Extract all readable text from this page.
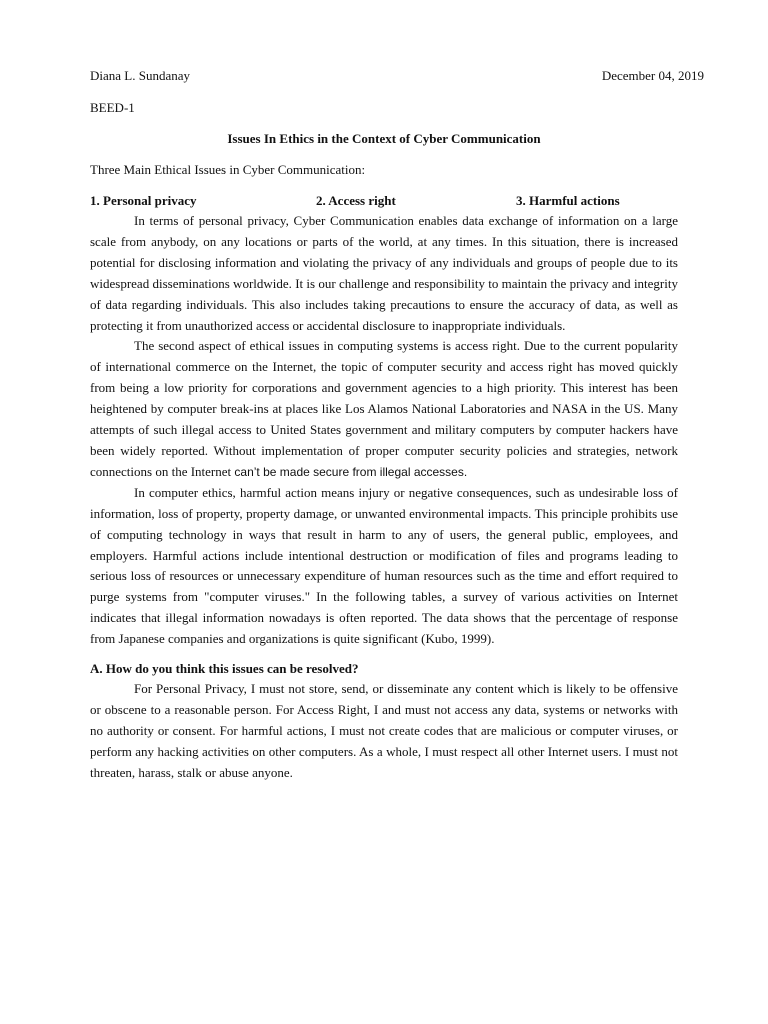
Diana L. Sundanay	December 04, 2019
BEED-1
Issues In Ethics in the Context of Cyber Communication
Three Main Ethical Issues in Cyber Communication:
1. Personal privacy	2. Access right	3. Harmful actions

In terms of personal privacy, Cyber Communication enables data exchange of information on a large scale from anybody, on any locations or parts of the world, at any times. In this situation, there is increased potential for disclosing information and violating the privacy of any individuals and groups of people due to its widespread disseminations worldwide. It is our challenge and responsibility to maintain the privacy and integrity of data regarding individuals. This also includes taking precautions to ensure the accuracy of data, as well as protecting it from unauthorized access or accidental disclosure to inappropriate individuals.

The second aspect of ethical issues in computing systems is access right. Due to the current popularity of international commerce on the Internet, the topic of computer security and access right has moved quickly from being a low priority for corporations and government agencies to a high priority. This interest has been heightened by computer break-ins at places like Los Alamos National Laboratories and NASA in the US. Many attempts of such illegal access to United States government and military computers by computer hackers have been widely reported. Without implementation of proper computer security policies and strategies, network connections on the Internet can’t be made secure from illegal accesses.

In computer ethics, harmful action means injury or negative consequences, such as undesirable loss of information, loss of property, property damage, or unwanted environmental impacts. This principle prohibits use of computing technology in ways that result in harm to any of users, the general public, employees, and employers. Harmful actions include intentional destruction or modification of files and programs leading to serious loss of resources or unnecessary expenditure of human resources such as the time and effort required to purge systems from "computer viruses." In the following tables, a survey of various activities on Internet indicates that illegal information nowadays is often reported. The data shows that the percentage of response from Japanese companies and organizations is quite significant (Kubo, 1999).

A. How do you think this issues can be resolved?

For Personal Privacy, I must not store, send, or disseminate any content which is likely to be offensive or obscene to a reasonable person. For Access Right, I and must not access any data, systems or networks with no authority or consent. For harmful actions, I must not create codes that are malicious or computer viruses, or perform any hacking activities on other computers. As a whole, I must respect all other Internet users. I must not threaten, harass, stalk or abuse anyone.
